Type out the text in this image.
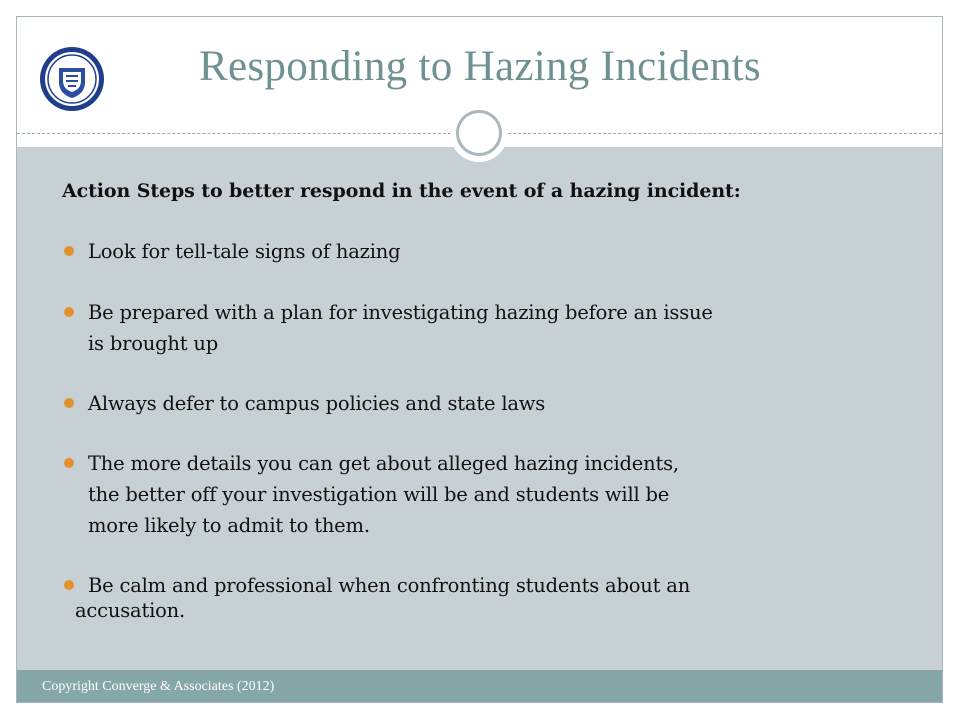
Responding to Hazing Incidents
Action Steps to better respond in the event of a hazing incident:
Look for tell-tale signs of hazing
Be prepared with a plan for investigating hazing before an issue
is brought up
Always defer to campus policies and state laws
The more details you can get about alleged hazing incidents,
the better off your investigation will be and students will be
more likely to admit to them.
Be calm and professional when confronting students about an
accusation.
Copyright Converge & Associates (2012)
